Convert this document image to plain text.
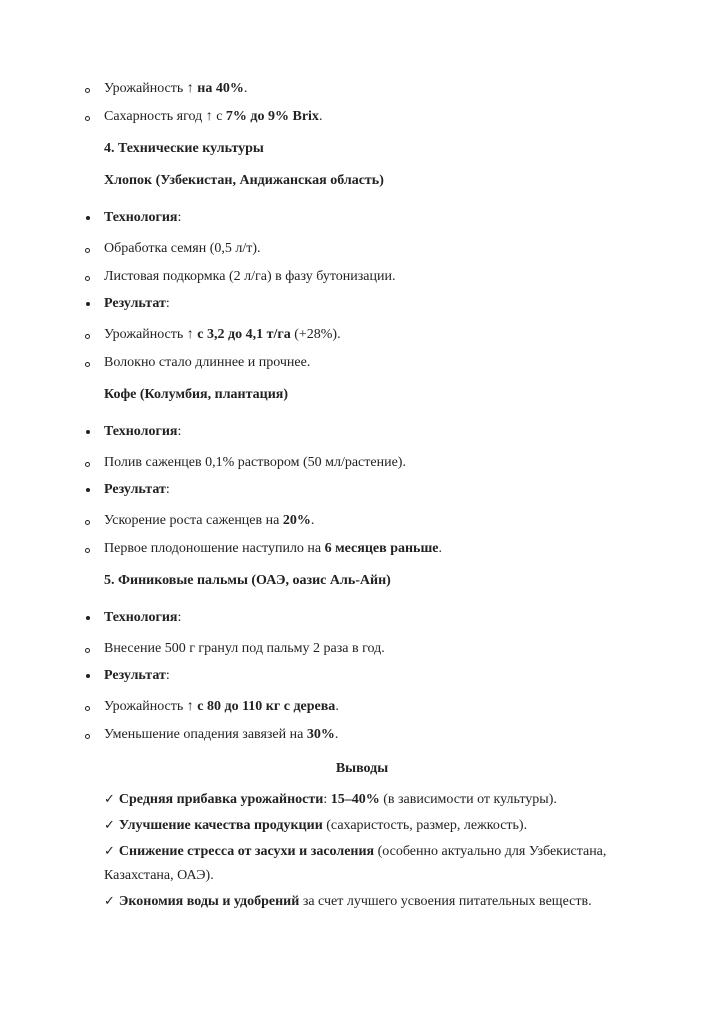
Урожайность ↑ на 40%.
Сахарность ягод ↑ с 7% до 9% Brix.
4. Технические культуры
Хлопок (Узбекистан, Андижанская область)
Технология:
Обработка семян (0,5 л/т).
Листовая подкормка (2 л/га) в фазу бутонизации.
Результат:
Урожайность ↑ с 3,2 до 4,1 т/га (+28%).
Волокно стало длиннее и прочнее.
Кофе (Колумбия, плантация)
Технология:
Полив саженцев 0,1% раствором (50 мл/растение).
Результат:
Ускорение роста саженцев на 20%.
Первое плодоношение наступило на 6 месяцев раньше.
5. Финиковые пальмы (ОАЭ, оазис Аль-Айн)
Технология:
Внесение 500 г гранул под пальму 2 раза в год.
Результат:
Урожайность ↑ с 80 до 110 кг с дерева.
Уменьшение опадения завязей на 30%.
Выводы
✓ Средняя прибавка урожайности: 15–40% (в зависимости от культуры).
✓ Улучшение качества продукции (сахаристость, размер, лежкость).
✓ Снижение стресса от засухи и засоления (особенно актуально для Узбекистана,
Казахстана, ОАЭ).
✓ Экономия воды и удобрений за счет лучшего усвоения питательных веществ.
